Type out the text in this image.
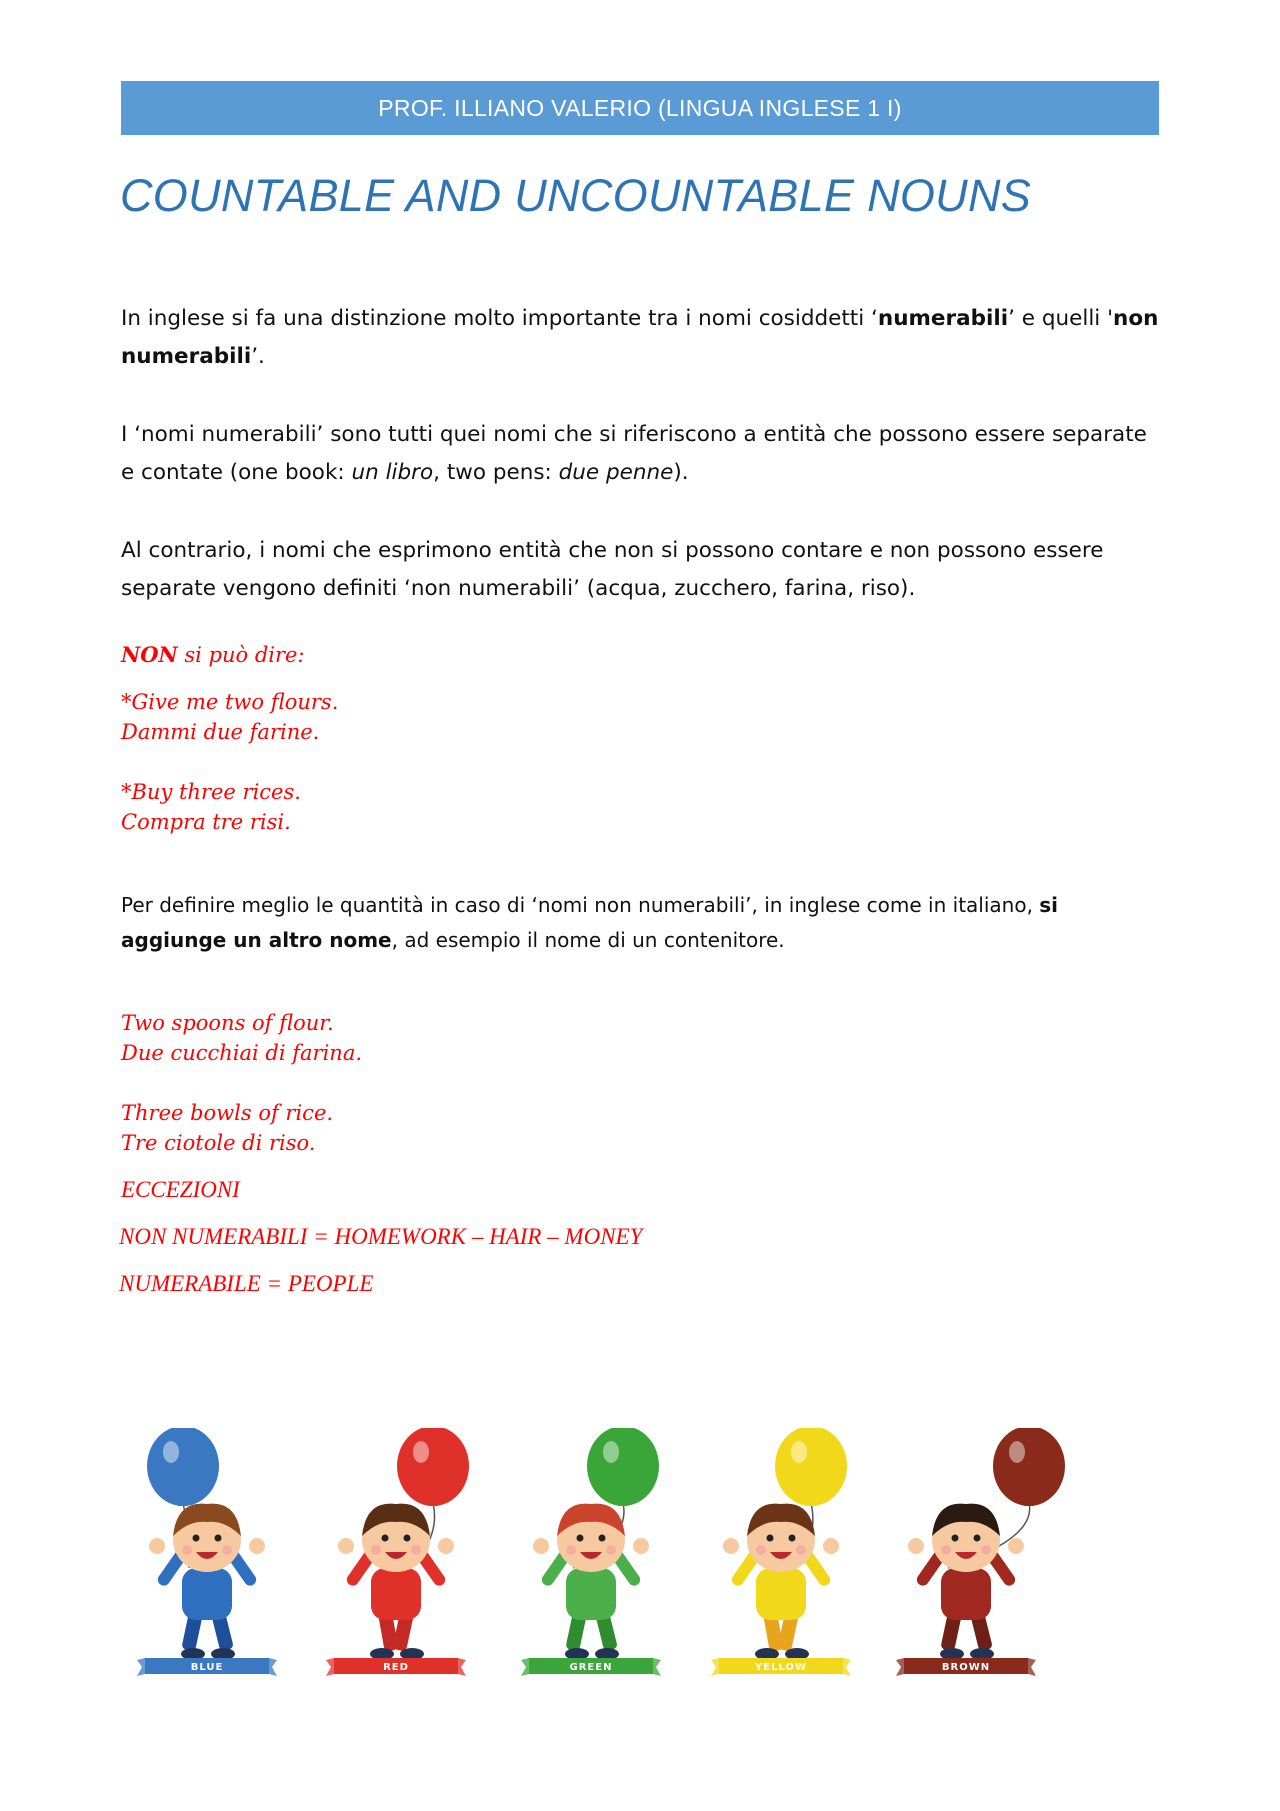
PROF. ILLIANO VALERIO (LINGUA INGLESE 1 I)
COUNTABLE AND UNCOUNTABLE NOUNS
In inglese si fa una distinzione molto importante tra i nomi cosiddetti ‘numerabili’ e quelli 'non numerabili’.
I ‘nomi numerabili’ sono tutti quei nomi che si riferiscono a entità che possono essere separate e contate (one book: un libro, two pens: due penne).
Al contrario, i nomi che esprimono entità che non si possono contare e non possono essere separate vengono definiti ‘non numerabili’ (acqua, zucchero, farina, riso).
NON si può dire:
*Give me two flours.
Dammi due farine.
*Buy three rices.
Compra tre risi.
Per definire meglio le quantità in caso di ‘nomi non numerabili’, in inglese come in italiano, si aggiunge un altro nome, ad esempio il nome di un contenitore.
Two spoons of flour.
Due cucchiai di farina.
Three bowls of rice.
Tre ciotole di riso.
ECCEZIONI
NON NUMERABILI = HOMEWORK – HAIR – MONEY
NUMERABILE = PEOPLE
BLUE	RED	GREEN	YELLOW	BROWN
